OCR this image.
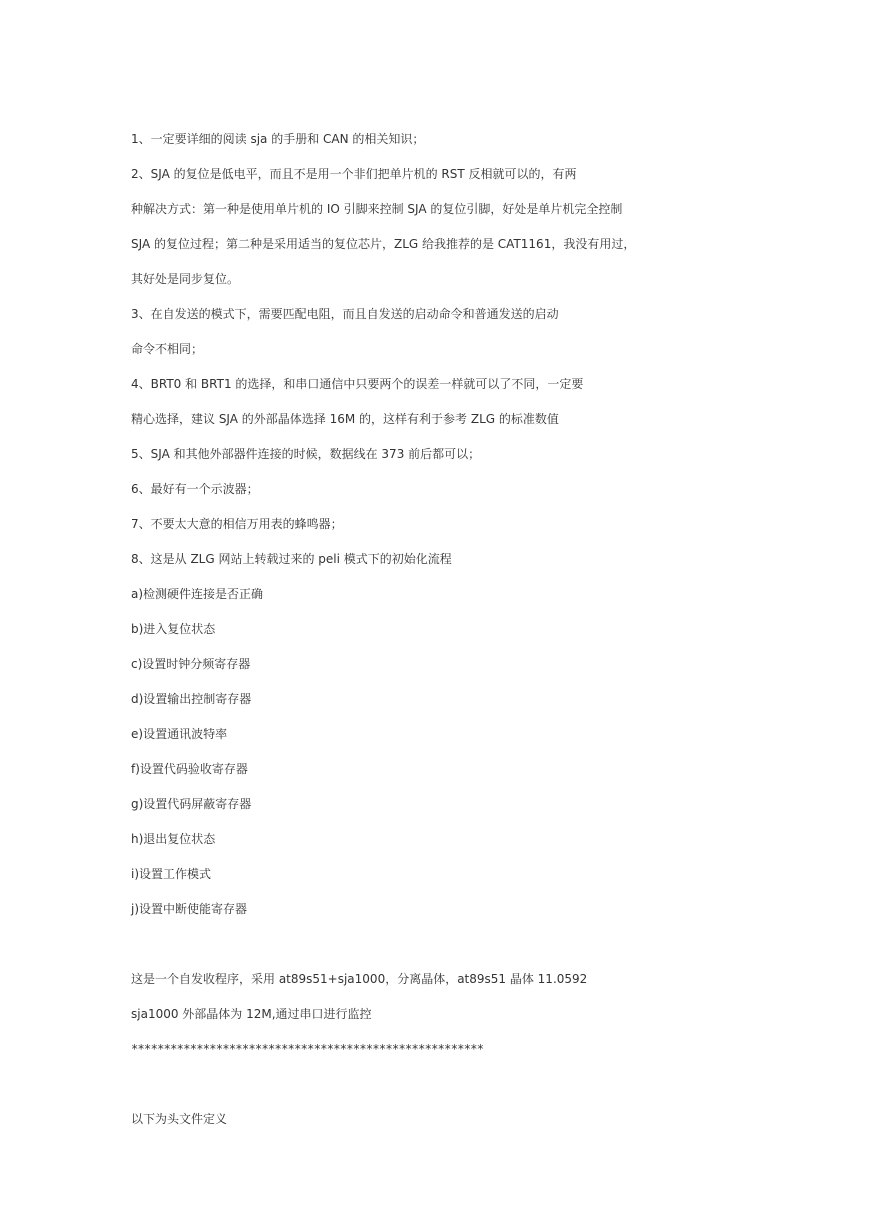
1、一定要详细的阅读 sja 的手册和 CAN 的相关知识；
2、SJA 的复位是低电平，而且不是用一个非们把单片机的 RST 反相就可以的，有两
种解决方式：第一种是使用单片机的 IO 引脚来控制 SJA 的复位引脚，好处是单片机完全控制
SJA 的复位过程；第二种是采用适当的复位芯片，ZLG 给我推荐的是 CAT1161，我没有用过，
其好处是同步复位。
3、在自发送的模式下，需要匹配电阻，而且自发送的启动命令和普通发送的启动
命令不相同；
4、BRT0 和 BRT1 的选择，和串口通信中只要两个的误差一样就可以了不同，一定要
精心选择，建议 SJA 的外部晶体选择 16M 的，这样有利于参考 ZLG 的标准数值
5、SJA 和其他外部器件连接的时候，数据线在 373 前后都可以；
6、最好有一个示波器；
7、不要太大意的相信万用表的蜂鸣器；
8、这是从 ZLG 网站上转载过来的 peli 模式下的初始化流程
a)检测硬件连接是否正确
b)进入复位状态
c)设置时钟分频寄存器
d)设置输出控制寄存器
e)设置通讯波特率
f)设置代码验收寄存器
g)设置代码屏蔽寄存器
h)退出复位状态
i)设置工作模式
j)设置中断使能寄存器
这是一个自发收程序，采用 at89s51+sja1000，分离晶体，at89s51 晶体 11.0592
sja1000 外部晶体为 12M,通过串口进行监控
******************************************************
以下为头文件定义
